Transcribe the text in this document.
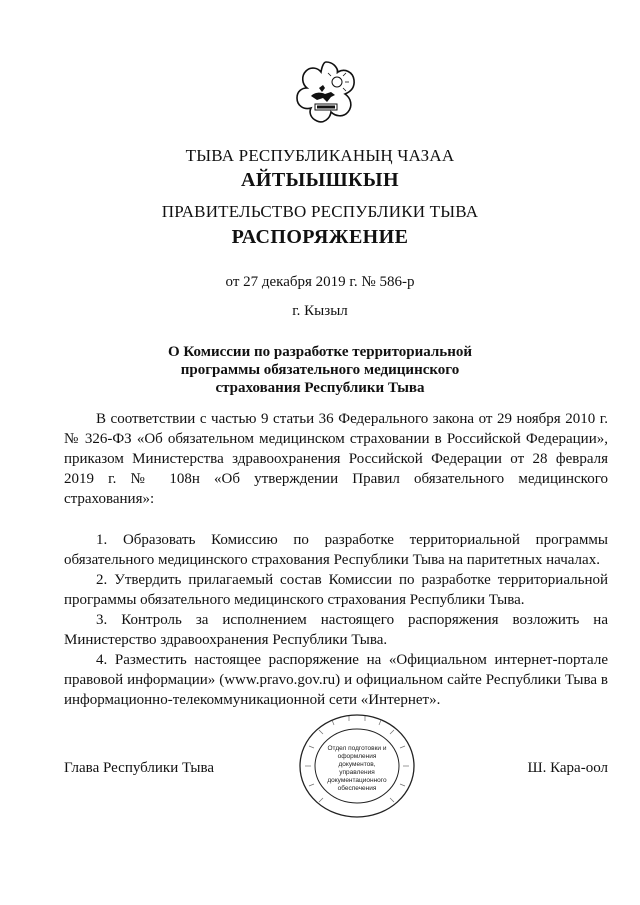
ТЫВА РЕСПУБЛИКАНЫҢ ЧАЗАА
АЙТЫЫШКЫН
ПРАВИТЕЛЬСТВО РЕСПУБЛИКИ ТЫВА
РАСПОРЯЖЕНИЕ
от 27 декабря 2019 г. № 586-р
г. Кызыл
О Комиссии по разработке территориальной
программы обязательного медицинского
страхования Республики Тыва
В соответствии с частью 9 статьи 36 Федерального закона от 29 ноября 2010 г. № 326-ФЗ «Об обязательном медицинском страховании в Российской Федерации», приказом Министерства здравоохранения Российской Федерации от 28 февраля 2019 г. № 108н «Об утверждении Правил обязательного медицинского страхования»:

1. Образовать Комиссию по разработке территориальной программы обязательного медицинского страхования Республики Тыва на паритетных началах.

2. Утвердить прилагаемый состав Комиссии по разработке территориальной программы обязательного медицинского страхования Республики Тыва.

3. Контроль за исполнением настоящего распоряжения возложить на Министерство здравоохранения Республики Тыва.

4. Разместить настоящее распоряжение на «Официальном интернет-портале правовой информации» (www.pravo.gov.ru) и официальном сайте Республики Тыва в информационно-телекоммуникационной сети «Интернет».

Отдел подготовки и оформления документов, управления документационного обеспечения
Глава Республики Тыва	Ш. Кара-оол
